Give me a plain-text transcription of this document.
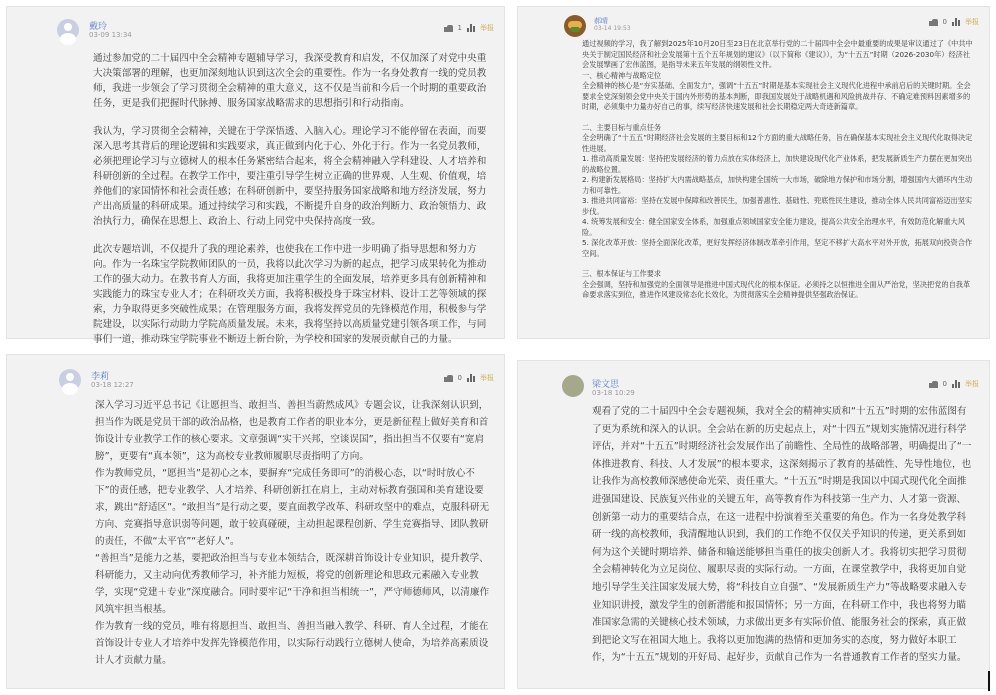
戴玲
03-09 13:34
1	举报

通过参加党的二十届四中全会精神专题辅导学习，我深受教育和启发，不仅加深了对党中央重大决策部署的理解，也更加深刻地认识到这次全会的重要性。作为一名身处教育一线的党员教师，我进一步领会了学习贯彻全会精神的重大意义，这不仅是当前和今后一个时期的重要政治任务，更是我们把握时代脉搏、服务国家战略需求的思想指引和行动指南。

我认为，学习贯彻全会精神，关键在于学深悟透、入脑入心。理论学习不能停留在表面，而要深入思考其背后的理论逻辑和实践要求，真正做到内化于心、外化于行。作为一名党员教师，必须把理论学习与立德树人的根本任务紧密结合起来，将全会精神融入学科建设、人才培养和科研创新的全过程。在教学工作中，要注重引导学生树立正确的世界观、人生观、价值观，培养他们的家国情怀和社会责任感；在科研创新中，要坚持服务国家战略和地方经济发展，努力产出高质量的科研成果。通过持续学习和实践，不断提升自身的政治判断力、政治领悟力、政治执行力，确保在思想上、政治上、行动上同党中央保持高度一致。

此次专题培训，不仅提升了我的理论素养，也使我在工作中进一步明确了指导思想和努力方向。作为一名珠宝学院教师团队的一员，我将以此次学习为新的起点，把学习成果转化为推动工作的强大动力。在教书育人方面，我将更加注重学生的全面发展，培养更多具有创新精神和实践能力的珠宝专业人才；在科研攻关方面，我将积极投身于珠宝材料、设计工艺等领域的探索，力争取得更多突破性成果；在管理服务方面，我将发挥党员的先锋模范作用，积极参与学院建设，以实际行动助力学院高质量发展。未来，我将坚持以高质量党建引领各项工作，与同事们一道，推动珠宝学院事业不断迈上新台阶，为学校和国家的发展贡献自己的力量。

郝晴
03-14 19:53
0	举报

通过视频的学习，我了解到2025年10月20日至23日在北京举行党的二十届四中全会中最重要的成果是审议通过了《中共中央关于制定国民经济和社会发展第十五个五年规划的建议》（以下简称《建议》），为“十五五”时期（2026-2030年）经济社会发展擘画了宏伟蓝图，是指导未来五年发展的纲领性文件。

一、核心精神与战略定位

全会精神的核心是“夯实基础、全面发力”，强调“十五五”时期是基本实现社会主义现代化进程中承前启后的关键时期。全会要求全党深刻领会党中央关于国内外形势的基本判断，即我国发展处于战略机遇和风险挑战并存、不确定难预料因素增多的时期，必须集中力量办好自己的事，续写经济快速发展和社会长期稳定两大奇迹新篇章。

二、主要目标与重点任务

全会明确了“十五五”时期经济社会发展的主要目标和12个方面的重大战略任务，旨在确保基本实现社会主义现代化取得决定性进展。

1. 推动高质量发展：坚持把发展经济的着力点放在实体经济上，加快建设现代化产业体系，把发展新质生产力摆在更加突出的战略位置。

2. 构建新发展格局：坚持扩大内需战略基点，加快构建全国统一大市场，破除地方保护和市场分割，增强国内大循环内生动力和可靠性。

3. 推进共同富裕：坚持在发展中保障和改善民生，加强普惠性、基础性、兜底性民生建设，推动全体人民共同富裕迈出坚实步伐。

4. 统筹发展和安全：健全国家安全体系，加强重点领域国家安全能力建设，提高公共安全治理水平，有效防范化解重大风险。

5. 深化改革开放：坚持全面深化改革，更好发挥经济体制改革牵引作用，坚定不移扩大高水平对外开放，拓展双向投资合作空间。

三、根本保证与工作要求

全会强调，坚持和加强党的全面领导是推进中国式现代化的根本保证。必须持之以恒推进全面从严治党，坚决把党的自我革命要求落实到位，推进作风建设常态化长效化，为贯彻落实全会精神提供坚强政治保证。

李莉
03-18 12:27
0	举报

深入学习习近平总书记《让愿担当、敢担当、善担当蔚然成风》专题会议，让我深刻认识到，担当作为既是党员干部的政治品格，也是教育工作者的职业本分，更是新征程上做好美育和首饰设计专业教学工作的核心要求。文章强调“实干兴邦，空谈误国”，指出担当不仅要有“宽肩膀”，更要有“真本领”，这为高校专业教师履职尽责指明了方向。

作为教师党员，“愿担当”是初心之本，要摒弃“完成任务即可”的消极心态，以“时时放心不下”的责任感，把专业教学、人才培养、科研创新扛在肩上，主动对标教育强国和美育建设要求，跳出“舒适区”。“敢担当”是行动之要，要直面教学改革、科研攻坚中的难点，克服科研无方向、竞赛指导意识弱等问题，敢于较真碰硬，主动担起课程创新、学生竞赛指导、团队教研的责任，不做“太平官”“老好人”。

“善担当”是能力之基，要把政治担当与专业本领结合，既深耕首饰设计专业知识，提升教学、科研能力，又主动向优秀教师学习，补齐能力短板，将党的创新理论和思政元素融入专业教学，实现“党建＋专业”深度融合。同时要牢记“干净和担当相统一”，严守师德师风，以清廉作风筑牢担当根基。

作为教育一线的党员，唯有将愿担当、敢担当、善担当融入教学、科研、育人全过程，才能在首饰设计专业人才培养中发挥先锋模范作用，以实际行动践行立德树人使命，为培养高素质设计人才贡献力量。

梁文思
03-18 10:29
0	举报

观看了党的二十届四中全会专题视频，我对全会的精神实质和“十五五”时期的宏伟蓝图有了更为系统和深入的认识。全会站在新的历史起点上，对“十四五”规划实施情况进行科学评估，并对“十五五”时期经济社会发展作出了前瞻性、全局性的战略部署，明确提出了“一体推进教育、科技、人才发展”的根本要求，这深刻揭示了教育的基础性、先导性地位，也让我作为高校教师深感使命光荣、责任重大。“十五五”时期是我国以中国式现代化全面推进强国建设、民族复兴伟业的关键五年，高等教育作为科技第一生产力、人才第一资源、创新第一动力的重要结合点，在这一进程中扮演着至关重要的角色。作为一名身处教学科研一线的高校教师，我清醒地认识到，我们的工作绝不仅仅关乎知识的传递，更关系到如何为这个关键时期培养、储备和输送能够担当重任的拔尖创新人才。我将切实把学习贯彻全会精神转化为立足岗位、履职尽责的实际行动。一方面，在课堂教学中，我将更加自觉地引导学生关注国家发展大势，将“科技自立自强”、“发展新质生产力”等战略要求融入专业知识讲授，激发学生的创新潜能和报国情怀；另一方面，在科研工作中，我也将努力瞄准国家急需的关键核心技术领域，力求做出更多有实际价值、能服务社会的探索，真正做到把论文写在祖国大地上。我将以更加饱满的热情和更加务实的态度，努力做好本职工作，为“十五五”规划的开好局、起好步，贡献自己作为一名普通教育工作者的坚实力量。
